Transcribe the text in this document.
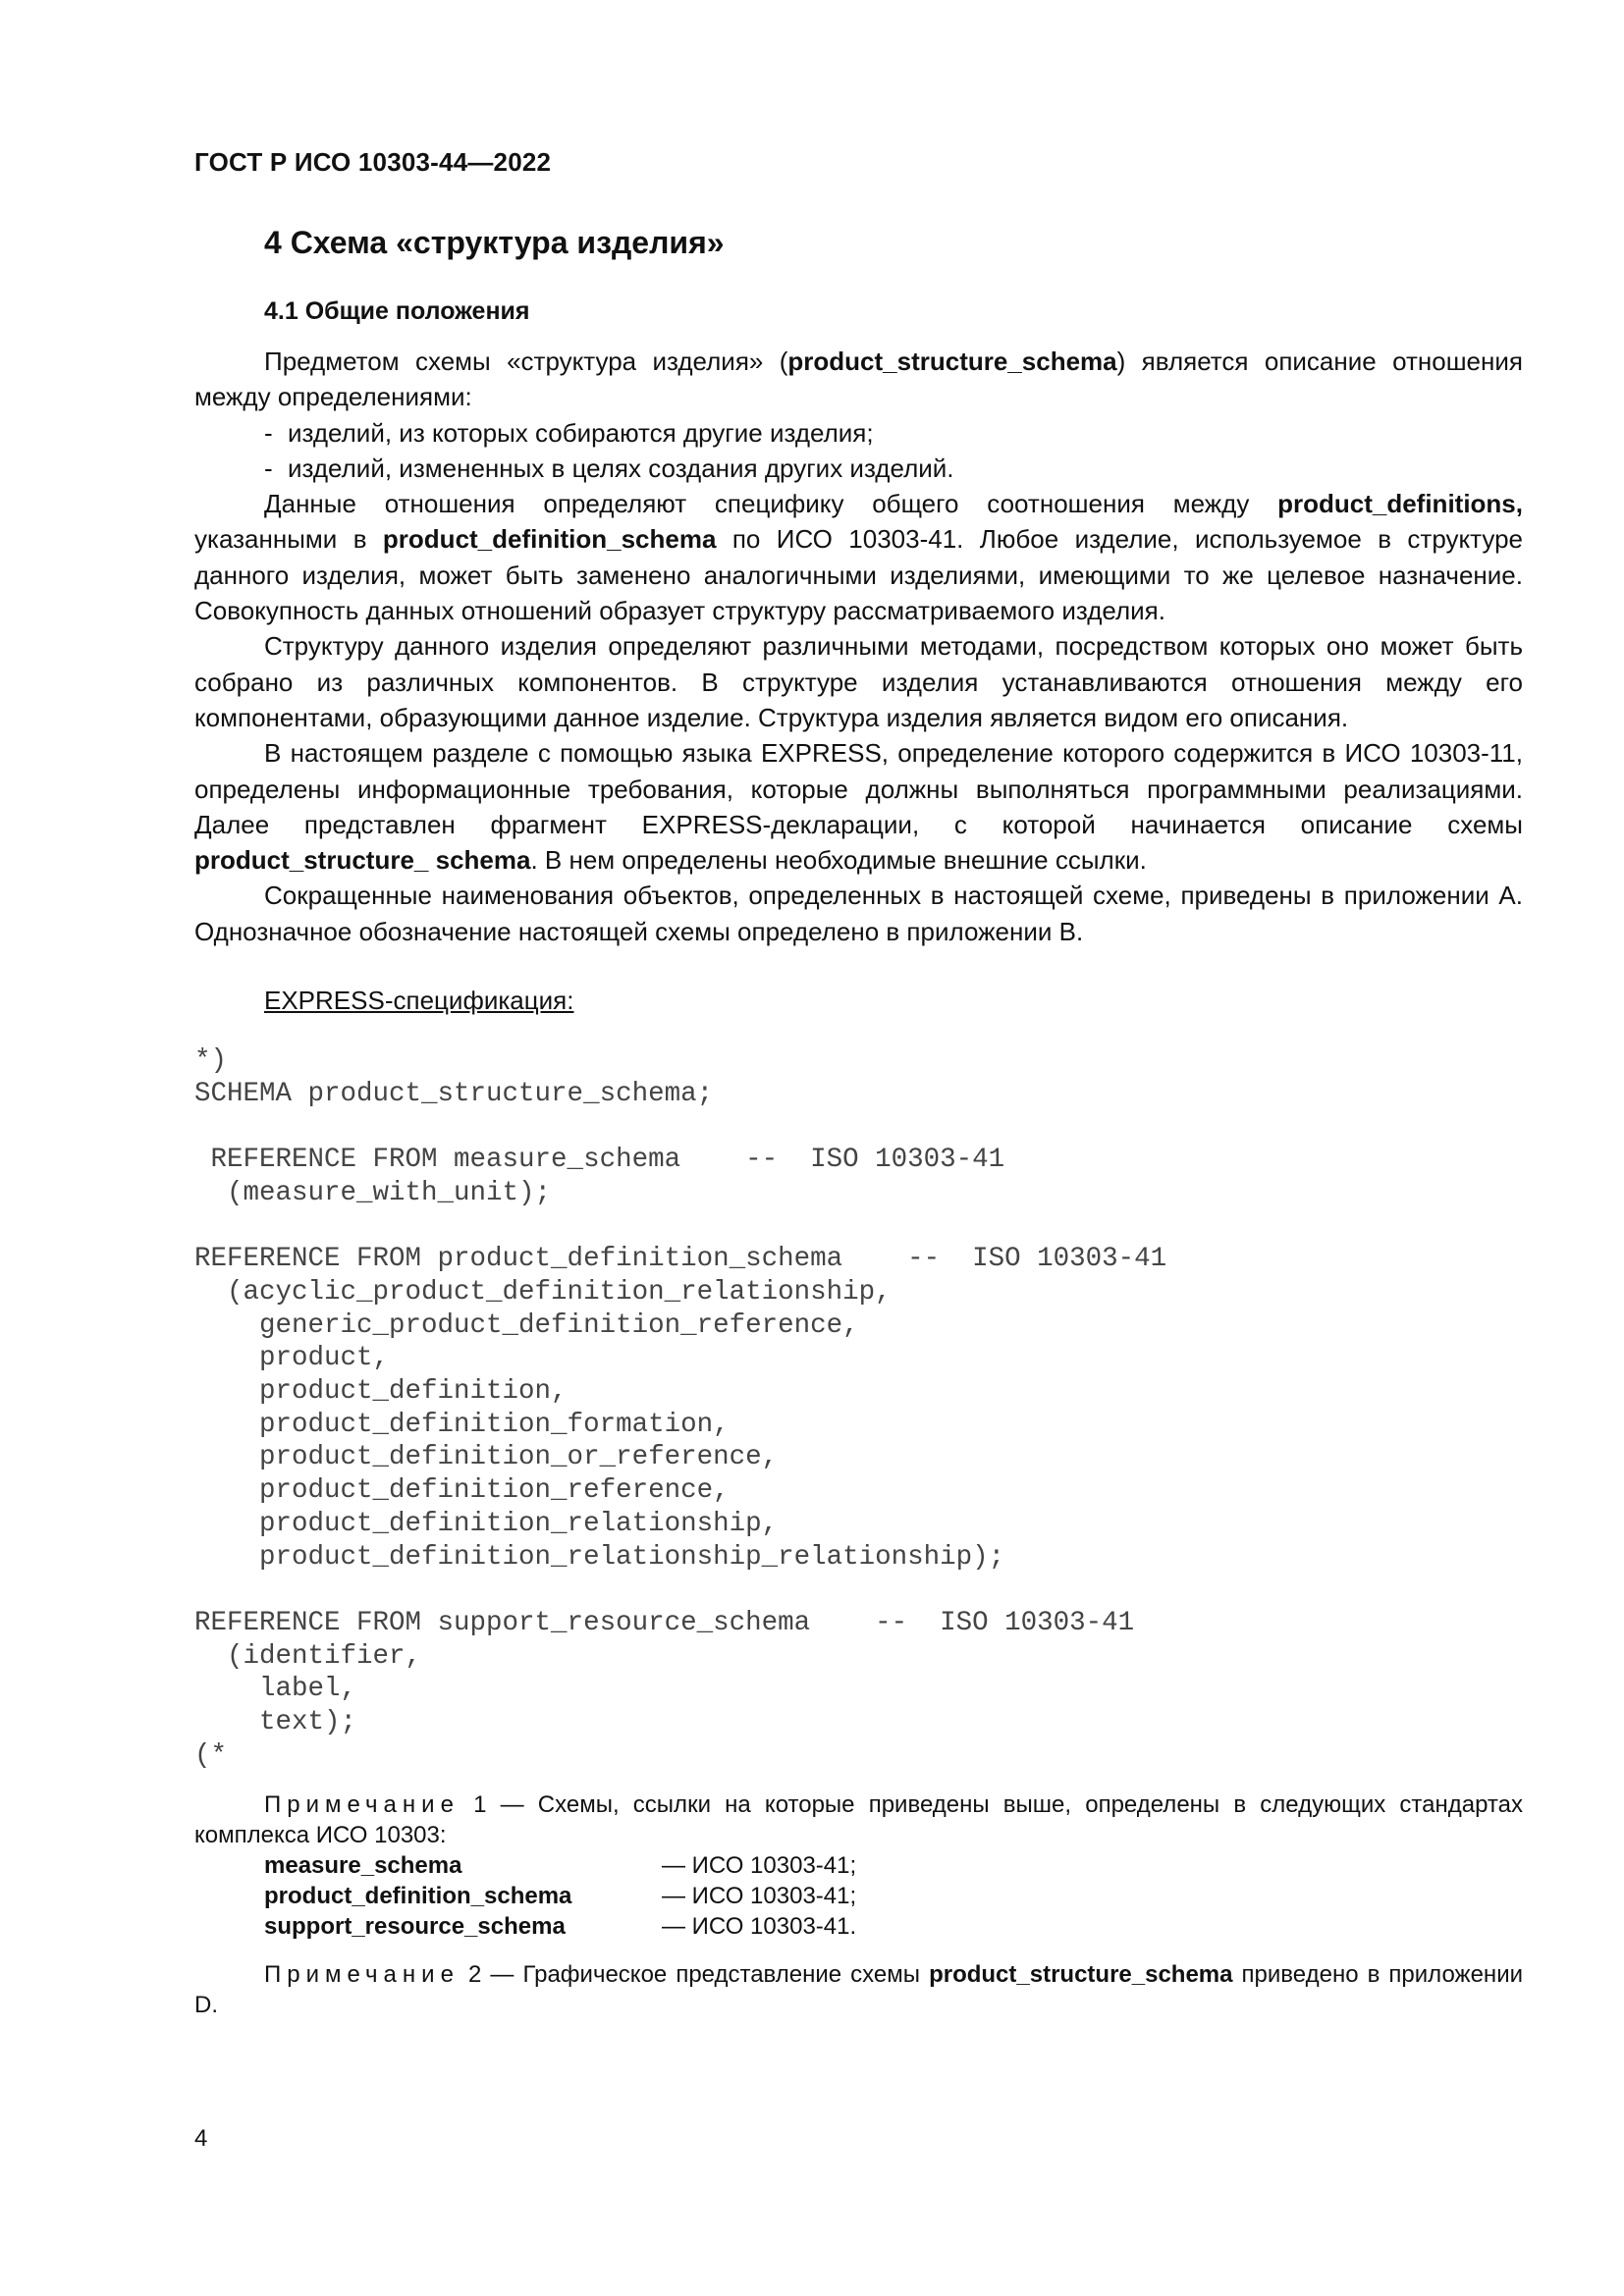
ГОСТ Р ИСО 10303-44—2022
4 Схема «структура изделия»
4.1 Общие положения

Предметом схемы «структура изделия» (product_structure_schema) является описание отношения между определениями:

- изделий, из которых собираются другие изделия;

- изделий, измененных в целях создания других изделий.

Данные отношения определяют специфику общего соотношения между product_definitions, указанными в product_definition_schema по ИСО 10303-41. Любое изделие, используемое в структуре данного изделия, может быть заменено аналогичными изделиями, имеющими то же целевое назначение. Совокупность данных отношений образует структуру рассматриваемого изделия.

Структуру данного изделия определяют различными методами, посредством которых оно может быть собрано из различных компонентов. В структуре изделия устанавливаются отношения между его компонентами, образующими данное изделие. Структура изделия является видом его описания.

В настоящем разделе с помощью языка EXPRESS, определение которого содержится в ИСО 10303-11, определены информационные требования, которые должны выполняться программными реализациями. Далее представлен фрагмент EXPRESS-декларации, с которой начинается описание схемы product_structure_ schema. В нем определены необходимые внешние ссылки.

Сокращенные наименования объектов, определенных в настоящей схеме, приведены в приложении А. Однозначное обозначение настоящей схемы определено в приложении В.

EXPRESS-спецификация:
*)
SCHEMA product_structure_schema;

REFERENCE FROM measure_schema    --  ISO 10303-41
(measure_with_unit);

REFERENCE FROM product_definition_schema    --  ISO 10303-41
(acyclic_product_definition_relationship,
generic_product_definition_reference,
product,
product_definition,
product_definition_formation,
product_definition_or_reference,
product_definition_reference,
product_definition_relationship,
product_definition_relationship_relationship);

REFERENCE FROM support_resource_schema    --  ISO 10303-41
(identifier,
label,
text);
(*

Примечание 1 — Схемы, ссылки на которые приведены выше, определены в следующих стандартах комплекса ИСО 10303:

measure_schema	— ИСО 10303-41;
product_definition_schema	— ИСО 10303-41;
support_resource_schema	— ИСО 10303-41.

Примечание 2 — Графическое представление схемы product_structure_schema приведено в приложении D.

4
